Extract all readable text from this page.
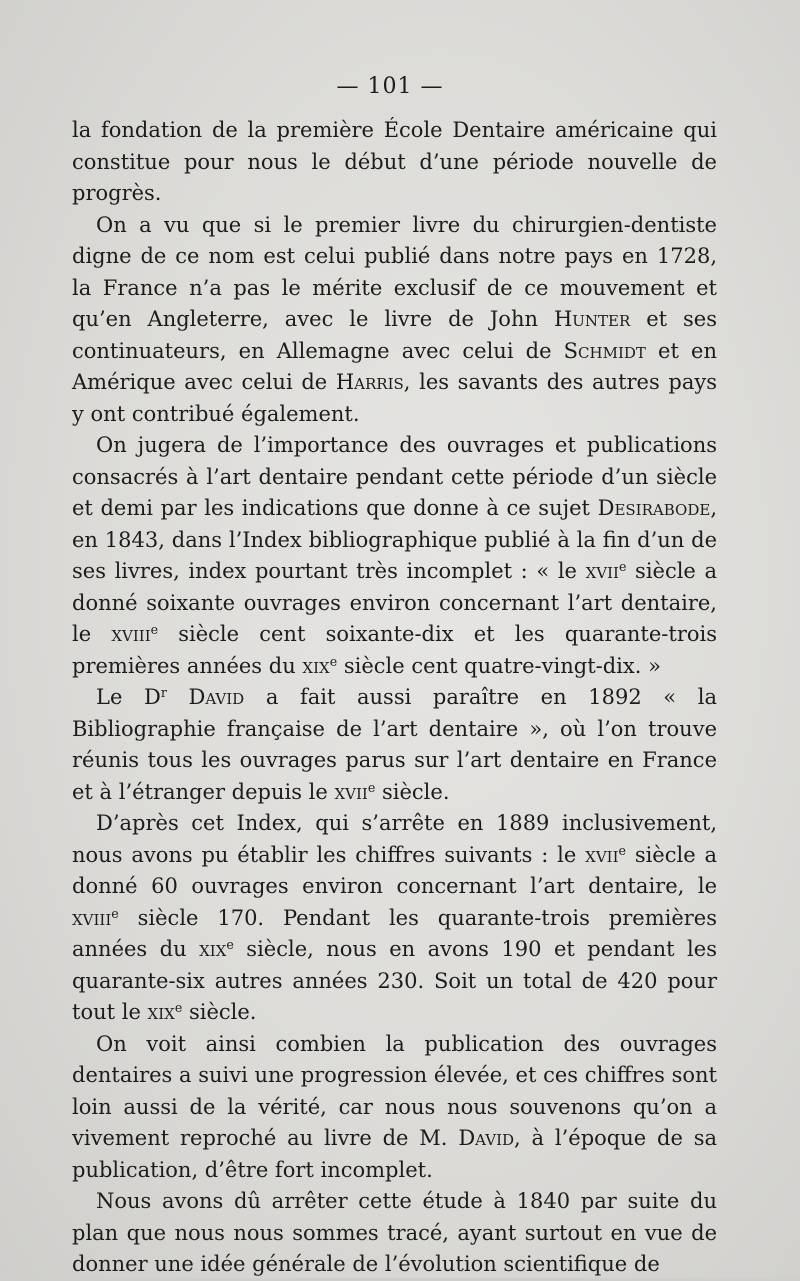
— 101 —

la fondation de la première École Dentaire américaine qui constitue pour nous le début d’une période nouvelle de progrès.

On a vu que si le premier livre du chirurgien-dentiste digne de ce nom est celui publié dans notre pays en 1728, la France n’a pas le mérite exclusif de ce mouvement et qu’en Angleterre, avec le livre de John Hunter et ses continuateurs, en Allemagne avec celui de Schmidt et en Amérique avec celui de Harris, les savants des autres pays y ont contribué également.

On jugera de l’importance des ouvrages et publications consacrés à l’art dentaire pendant cette période d’un siècle et demi par les indications que donne à ce sujet Desirabode, en 1843, dans l’Index bibliographique publié à la fin d’un de ses livres, index pourtant très incomplet : « le xvii$^e$ siècle a donné soixante ouvrages environ concernant l’art dentaire, le xviii$^e$ siècle cent soixante-dix et les quarante-trois premières années du xix$^e$ siècle cent quatre-vingt-dix. »

Le $D^r$ David a fait aussi paraître en 1892 « la Bibliographie française de l’art dentaire », où l’on trouve réunis tous les ouvrages parus sur l’art dentaire en France et à l’étranger depuis le xvii$^e$ siècle.

D’après cet Index, qui s’arrête en 1889 inclusivement, nous avons pu établir les chiffres suivants : le xvii$^e$ siècle a donné 60 ouvrages environ concernant l’art dentaire, le xviii$^e$ siècle 170. Pendant les quarante-trois premières années du xix$^e$ siècle, nous en avons 190 et pendant les quarante-six autres années 230. Soit un total de 420 pour tout le xix$^e$ siècle.

On voit ainsi combien la publication des ouvrages dentaires a suivi une progression élevée, et ces chiffres sont loin aussi de la vérité, car nous nous souvenons qu’on a vivement reproché au livre de M. David, à l’époque de sa publication, d’être fort incomplet.

Nous avons dû arrêter cette étude à 1840 par suite du plan que nous nous sommes tracé, ayant surtout en vue de donner une idée générale de l’évolution scientifique de
